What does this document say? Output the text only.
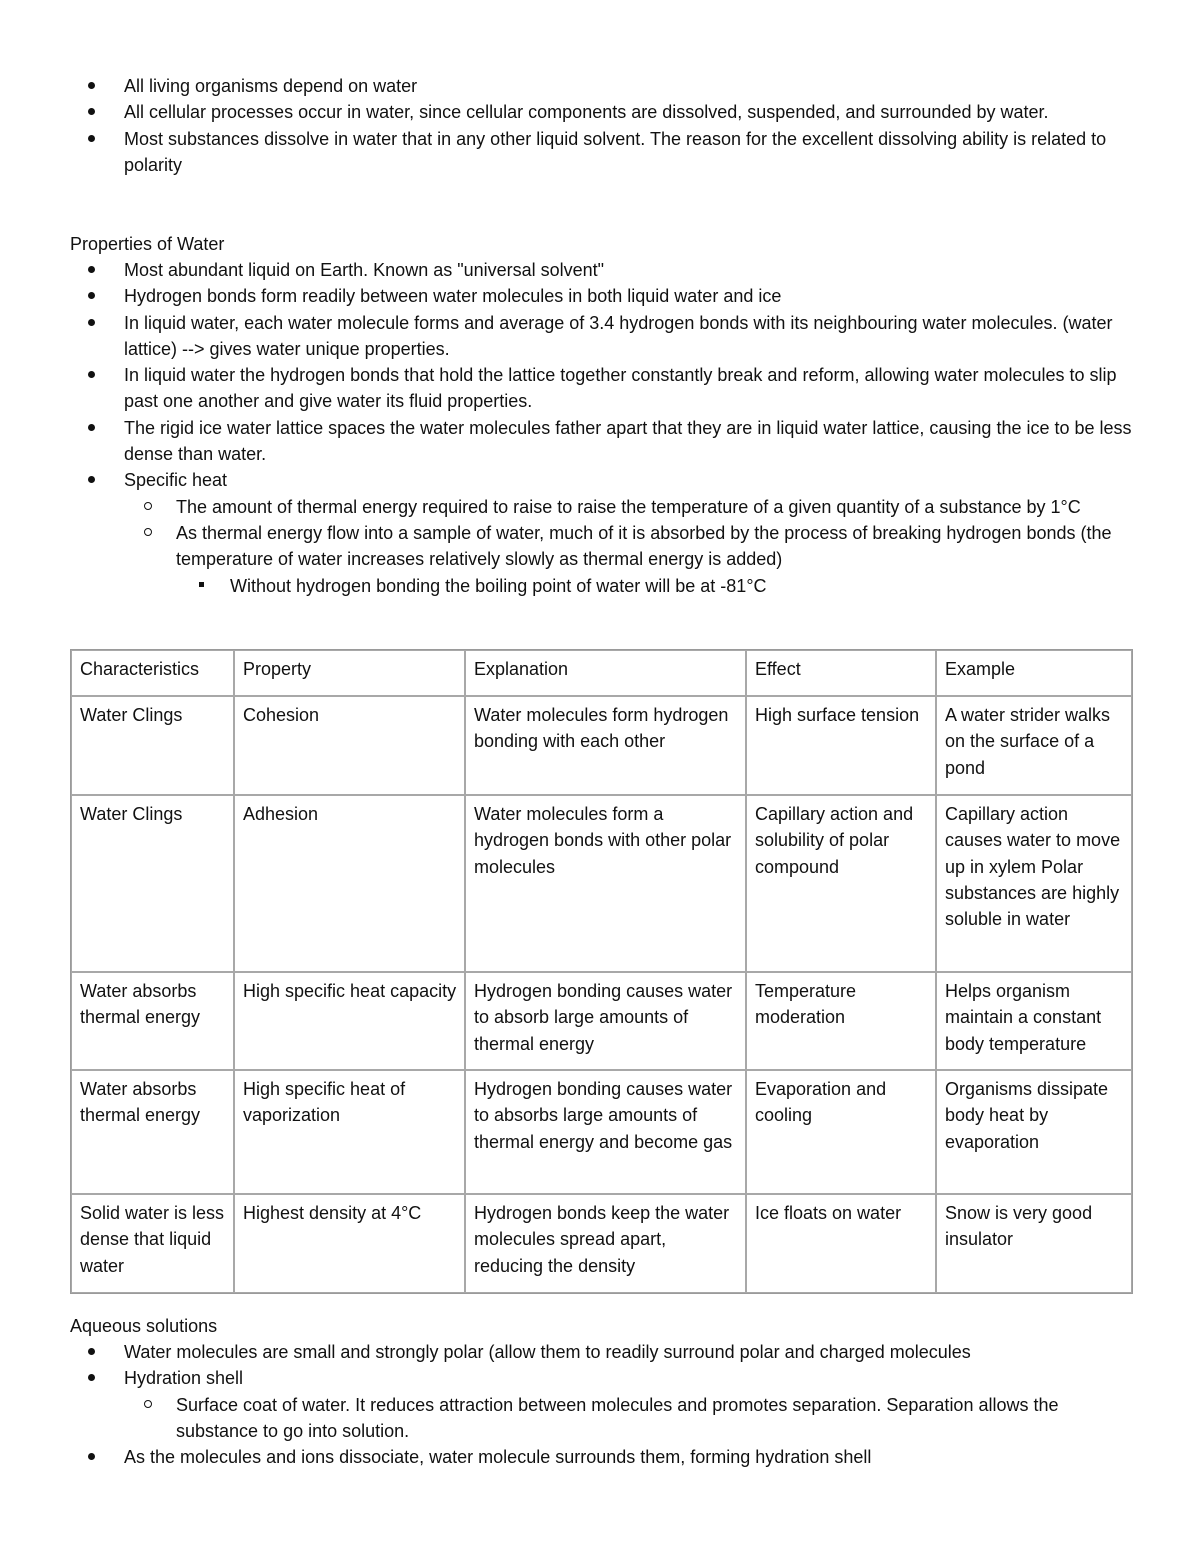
All living organisms depend on water
All cellular processes occur in water, since cellular components are dissolved, suspended, and surrounded by water.
Most substances dissolve in water that in any other liquid solvent. The reason for the excellent dissolving ability is related to polarity
Properties of Water
Most abundant liquid on Earth. Known as "universal solvent"
Hydrogen bonds form readily between water molecules in both liquid water and ice
In liquid water, each water molecule forms and average of 3.4 hydrogen bonds with its neighbouring water molecules. (water lattice) --> gives water unique properties.
In liquid water the hydrogen bonds that hold the lattice together constantly break and reform, allowing water molecules to slip past one another and give water its fluid properties.
The rigid ice water lattice spaces the water molecules father apart that they are in liquid water lattice, causing the ice to be less dense than water.
Specific heat
The amount of thermal energy required to raise to raise the temperature of a given quantity of a substance by 1°C
As thermal energy flow into a sample of water, much of it is absorbed by the process of breaking hydrogen bonds (the temperature of water increases relatively slowly as thermal energy is added)
Without hydrogen bonding the boiling point of water will be at -81°C
Characteristics	Property	Explanation	Effect	Example
Water Clings	Cohesion	Water molecules form hydrogen bonding with each other	High surface tension	A water strider walks on the surface of a pond
Water Clings	Adhesion	Water molecules form a hydrogen bonds with other polar molecules	Capillary action and solubility of polar compound	Capillary action causes water to move up in xylem Polar substances are highly soluble in water
Water absorbs thermal energy	High specific heat capacity	Hydrogen bonding causes water to absorb large amounts of thermal energy	Temperature moderation	Helps organism maintain a constant body temperature
Water absorbs thermal energy	High specific heat of vaporization	Hydrogen bonding causes water to absorbs large amounts of thermal energy and become gas	Evaporation and cooling	Organisms dissipate body heat by evaporation
Solid water is less dense that liquid water	Highest density at 4°C	Hydrogen bonds keep the water molecules spread apart, reducing the density	Ice floats on water	Snow is very good insulator
Aqueous solutions
Water molecules are small and strongly polar (allow them to readily surround polar and charged molecules
Hydration shell
Surface coat of water. It reduces attraction between molecules and promotes separation. Separation allows the substance to go into solution.
As the molecules and ions dissociate, water molecule surrounds them, forming hydration shell
